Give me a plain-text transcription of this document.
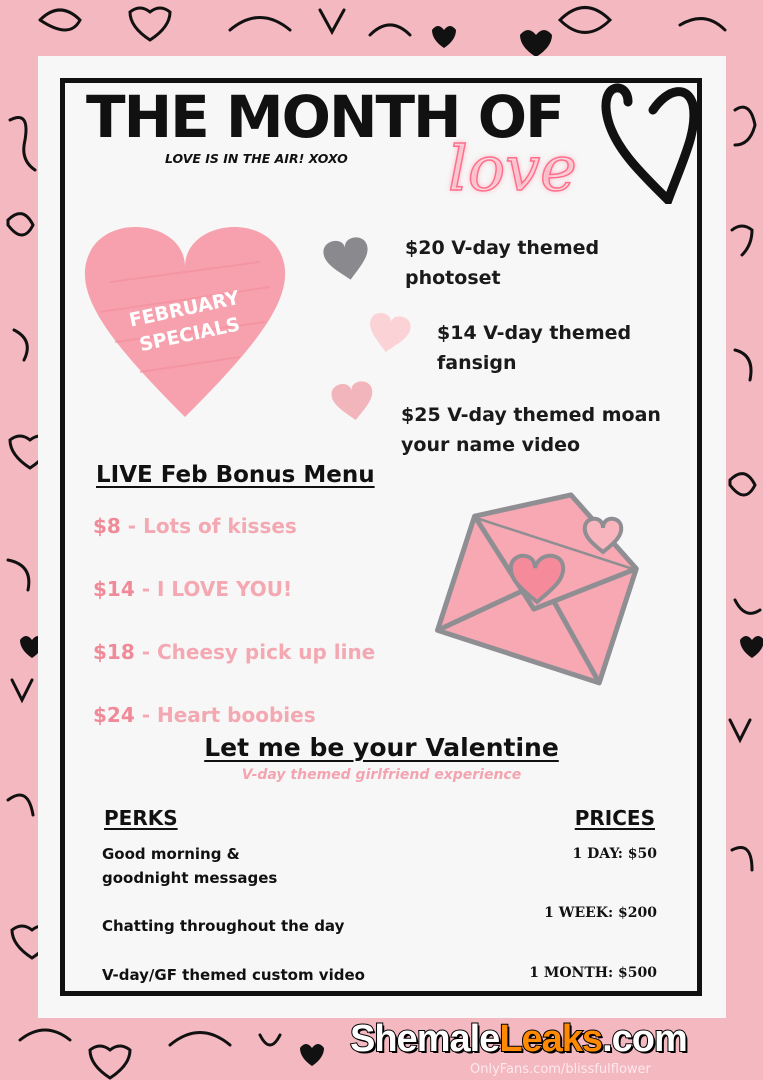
THE MONTH OF
LOVE IS IN THE AIR! XOXO love
FEBRUARY SPECIALS
$20 V-day themed photoset
$14 V-day themed fansign
$25 V-day themed moan your name video
LIVE Feb Bonus Menu
$8 - Lots of kisses
$14 - I LOVE YOU!
$18 - Cheesy pick up line
$24 - Heart boobies
Let me be your Valentine
V-day themed girlfriend experience
PERKS	PRICES
Good morning & goodnight messages
Chatting throughout the day
V-day/GF themed custom video
1 DAY: $50
1 WEEK: $200
1 MONTH: $500
ShemaleLeaks.com
OnlyFans.com/blissfulflower
